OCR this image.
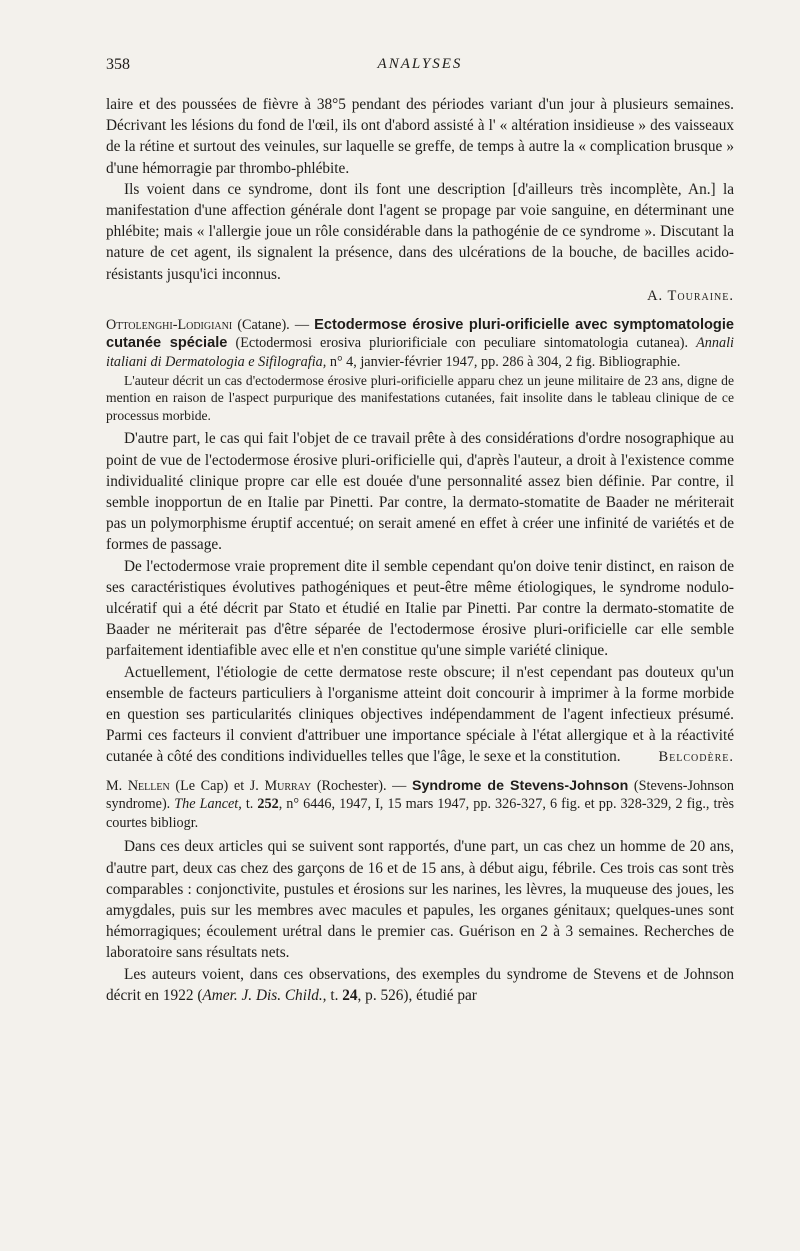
358	ANALYSES

laire et des poussées de fièvre à 38°5 pendant des périodes variant d'un jour à plusieurs semaines. Décrivant les lésions du fond de l'œil, ils ont d'abord assisté à l' « altération insidieuse » des vaisseaux de la rétine et surtout des veinules, sur laquelle se greffe, de temps à autre la « complication brusque » d'une hémorragie par thrombo-phlébite.

Ils voient dans ce syndrome, dont ils font une description [d'ailleurs très incomplète, An.] la manifestation d'une affection générale dont l'agent se propage par voie sanguine, en déterminant une phlébite; mais « l'allergie joue un rôle considérable dans la pathogénie de ce syndrome ». Discutant la nature de cet agent, ils signalent la présence, dans des ulcérations de la bouche, de bacilles acido-résistants jusqu'ici inconnus.

A. Touraine.
Ottolenghi-Lodigiani (Catane). — Ectodermose érosive pluri-orificielle avec symptomatologie cutanée spéciale (Ectodermosi erosiva pluriorificiale con peculiare sintomatologia cutanea). Annali italiani di Dermatologia e Sifilografia, n° 4, janvier-février 1947, pp. 286 à 304, 2 fig. Bibliographie.

L'auteur décrit un cas d'ectodermose érosive pluri-orificielle apparu chez un jeune militaire de 23 ans, digne de mention en raison de l'aspect purpurique des manifestations cutanées, fait insolite dans le tableau clinique de ce processus morbide.

D'autre part, le cas qui fait l'objet de ce travail prête à des considérations d'ordre nosographique au point de vue de l'ectodermose érosive pluri-orificielle qui, d'après l'auteur, a droit à l'existence comme individualité clinique propre car elle est douée d'une personnalité assez bien définie. Par contre, il semble inopportun de en Italie par Pinetti. Par contre, la dermato-stomatite de Baader ne mériterait pas un polymorphisme éruptif accentué; on serait amené en effet à créer une infinité de variétés et de formes de passage.

De l'ectodermose vraie proprement dite il semble cependant qu'on doive tenir distinct, en raison de ses caractéristiques évolutives pathogéniques et peut-être même étiologiques, le syndrome nodulo-ulcératif qui a été décrit par Stato et étudié en Italie par Pinetti. Par contre la dermato-stomatite de Baader ne mériterait pas d'être séparée de l'ectodermose érosive pluri-orificielle car elle semble parfaitement identiafible avec elle et n'en constitue qu'une simple variété clinique.

Actuellement, l'étiologie de cette dermatose reste obscure; il n'est cependant pas douteux qu'un ensemble de facteurs particuliers à l'organisme atteint doit concourir à imprimer à la forme morbide en question ses particularités cliniques objectives indépendamment de l'agent infectieux présumé. Parmi ces facteurs il convient d'attribuer une importance spéciale à l'état allergique et à la réactivité cutanée à côté des conditions individuelles telles que l'âge, le sexe et la constitution.	Belcodère.
M. Nellen (Le Cap) et J. Murray (Rochester). — Syndrome de Stevens-Johnson (Stevens-Johnson syndrome). The Lancet, t. 252, n° 6446, 1947, I, 15 mars 1947, pp. 326-327, 6 fig. et pp. 328-329, 2 fig., très courtes bibliogr.

Dans ces deux articles qui se suivent sont rapportés, d'une part, un cas chez un homme de 20 ans, d'autre part, deux cas chez des garçons de 16 et de 15 ans, à début aigu, fébrile. Ces trois cas sont très comparables : conjonctivite, pustules et érosions sur les narines, les lèvres, la muqueuse des joues, les amygdales, puis sur les membres avec macules et papules, les organes génitaux; quelques-unes sont hémorragiques; écoulement urétral dans le premier cas. Guérison en 2 à 3 semaines. Recherches de laboratoire sans résultats nets.

Les auteurs voient, dans ces observations, des exemples du syndrome de Stevens et de Johnson décrit en 1922 (Amer. J. Dis. Child., t. 24, p. 526), étudié par
